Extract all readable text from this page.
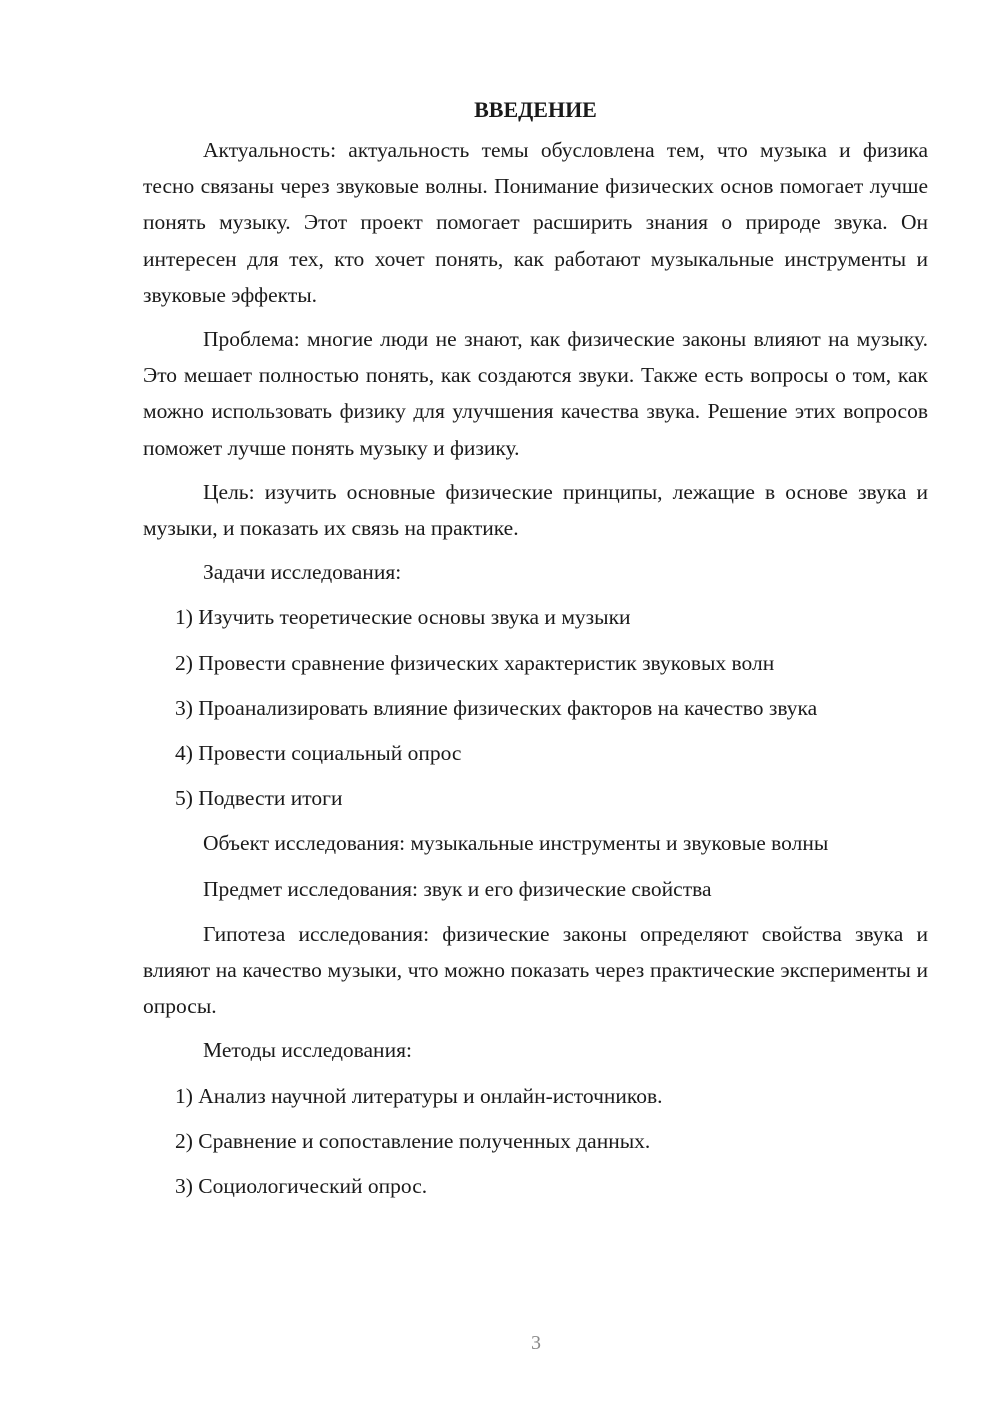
ВВЕДЕНИЕ

Актуальность: актуальность темы обусловлена тем, что музыка и физика тесно связаны через звуковые волны. Понимание физических основ помогает лучше понять музыку. Этот проект помогает расширить знания о природе звука. Он интересен для тех, кто хочет понять, как работают музыкальные инструменты и звуковые эффекты.

Проблема: многие люди не знают, как физические законы влияют на музыку. Это мешает полностью понять, как создаются звуки. Также есть вопросы о том, как можно использовать физику для улучшения качества звука. Решение этих вопросов поможет лучше понять музыку и физику.

Цель: изучить основные физические принципы, лежащие в основе звука и музыки, и показать их связь на практике.

Задачи исследования:
1) Изучить теоретические основы звука и музыки
2) Провести сравнение физических характеристик звуковых волн
3) Проанализировать влияние физических факторов на качество звука
4) Провести социальный опрос
5) Подвести итоги
Объект исследования: музыкальные инструменты и звуковые волны
Предмет исследования: звук и его физические свойства

Гипотеза исследования: физические законы определяют свойства звука и влияют на качество музыки, что можно показать через практические эксперименты и опросы.

Методы исследования:
1) Анализ научной литературы и онлайн-источников.
2) Сравнение и сопоставление полученных данных.
3) Социологический опрос.
3
